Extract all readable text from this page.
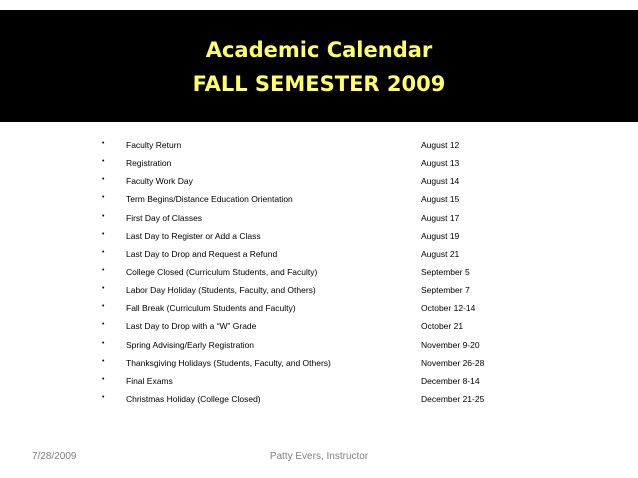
Academic Calendar
FALL SEMESTER 2009
•	Faculty Return	August 12
•	Registration	August 13
•	Faculty Work Day	August 14
•	Term Begins/Distance Education Orientation	August 15
•	First Day of Classes	August 17
•	Last Day to Register or Add a Class	August 19
•	Last Day to Drop and Request a Refund	August 21
•	College Closed (Curriculum Students, and Faculty)	September 5
•	Labor Day Holiday (Students, Faculty, and Others)	September 7
•	Fall Break (Curriculum Students and Faculty)	October 12-14
•	Last Day to Drop with a “W” Grade	October 21
•	Spring Advising/Early Registration	November 9-20
•	Thanksgiving Holidays (Students, Faculty, and Others)	November 26-28
•	Final Exams	December 8-14
•	Christmas Holiday (College Closed)	December 21-25
7/28/2009	Patty Evers, Instructor
